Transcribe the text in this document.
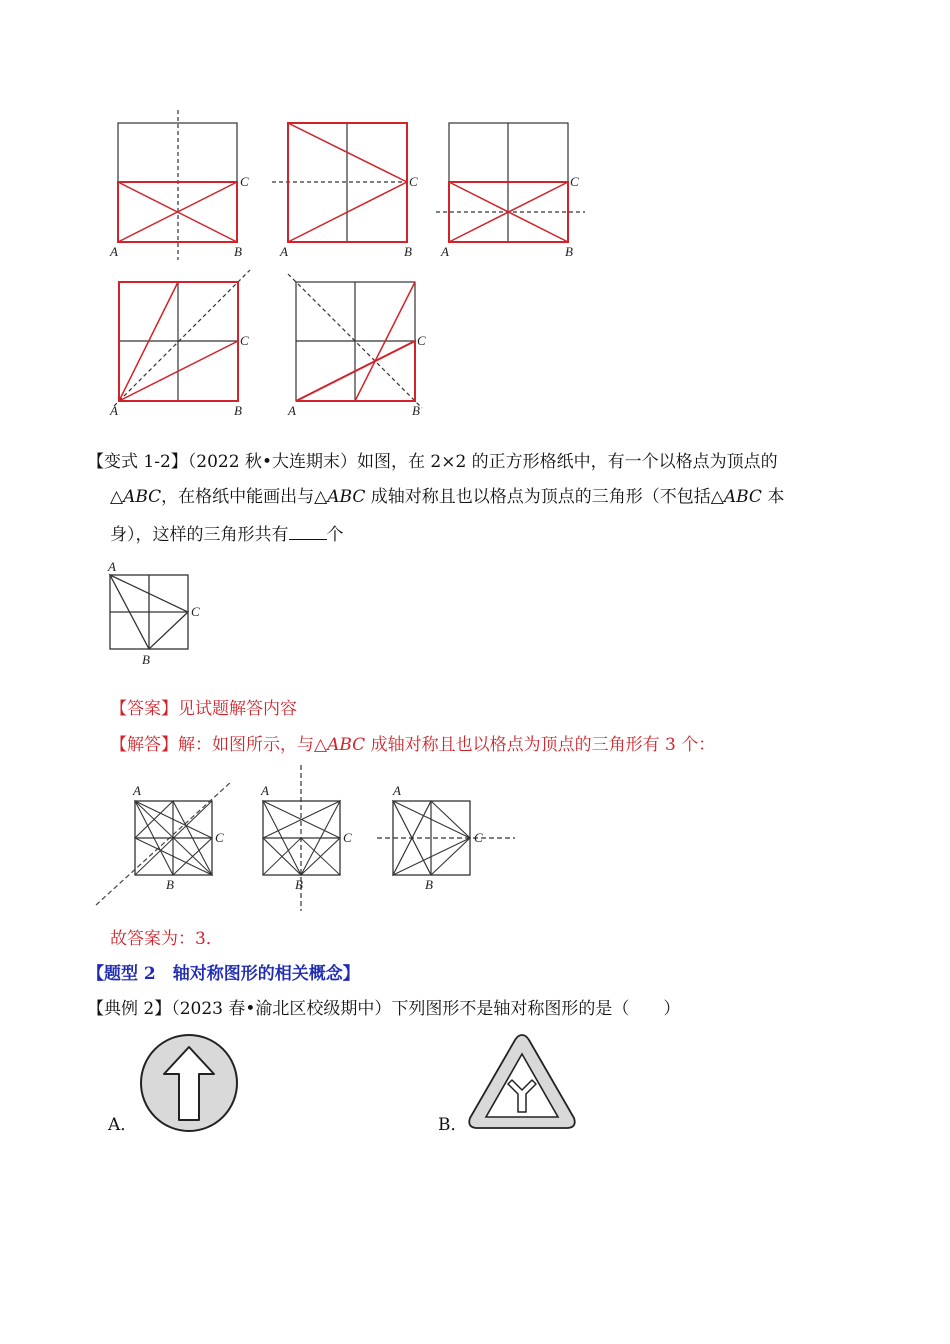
A	B
C
A	B
C
A	B
C
A	B
C
A	B
C
【变式 1-2】（2022 秋•大连期末）如图，在 2×2 的正方形格纸中，有一个以格点为顶点的
△ABC，在格纸中能画出与△ABC 成轴对称且也以格点为顶点的三角形（不包括△ABC 本
身），这样的三角形共有 个
A
B
C
【答案】见试题解答内容
【解答】解：如图所示，与△ABC 成轴对称且也以格点为顶点的三角形有 3 个：
A
B
C
A
B
C
A
B
C
故答案为：3．
【题型 2　轴对称图形的相关概念】
【典例 2】（2023 春•渝北区校级期中）下列图形不是轴对称图形的是（　　）
A．	B．
